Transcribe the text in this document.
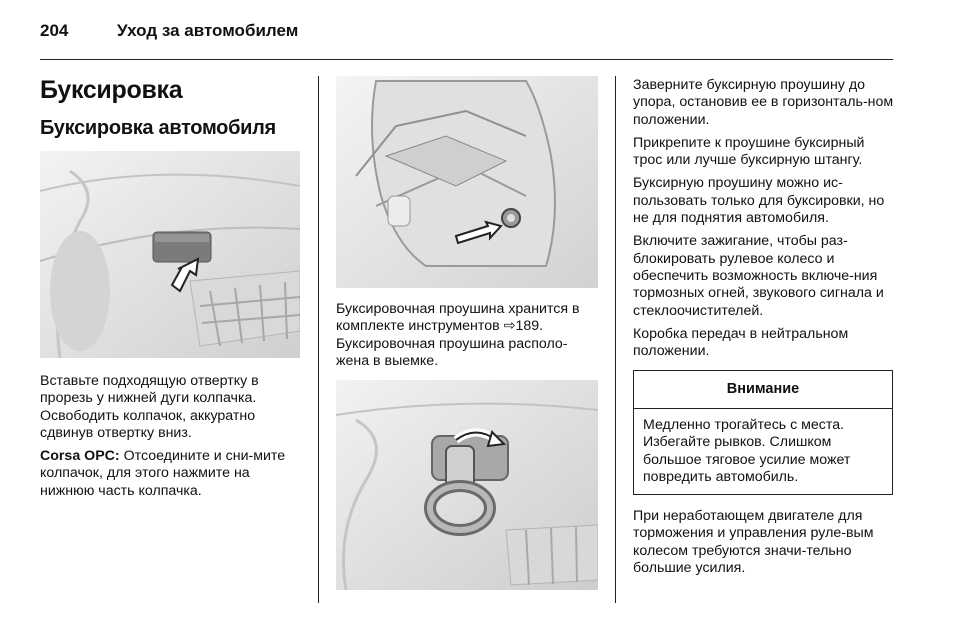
204	Уход за автомобилем
Буксировка
Буксировка автомобиля

Вставьте подходящую отвертку в прорезь у нижней дуги колпачка. Освободить колпачок, аккуратно сдвинув отвертку вниз.

Corsa OPC: Отсоедините и сни-мите колпачок, для этого нажмите на нижнюю часть колпачка.

Буксировочная проушина хранится в комплекте инструментов ⇨189.
Буксировочная проушина располо-жена в выемке.

Заверните буксирную проушину до упора, остановив ее в горизонталь-ном положении.

Прикрепите к проушине буксирный трос или лучше буксирную штангу.

Буксирную проушину можно ис-пользовать только для буксировки, но не для поднятия автомобиля.

Включите зажигание, чтобы раз-блокировать рулевое колесо и обеспечить возможность включе-ния тормозных огней, звукового сигнала и стеклоочистителей.

Коробка передач в нейтральном положении.

Внимание
Медленно трогайтесь с места. Избегайте рывков. Слишком большое тяговое усилие может повредить автомобиль.

При неработающем двигателе для торможения и управления руле-вым колесом требуются значи-тельно большие усилия.
